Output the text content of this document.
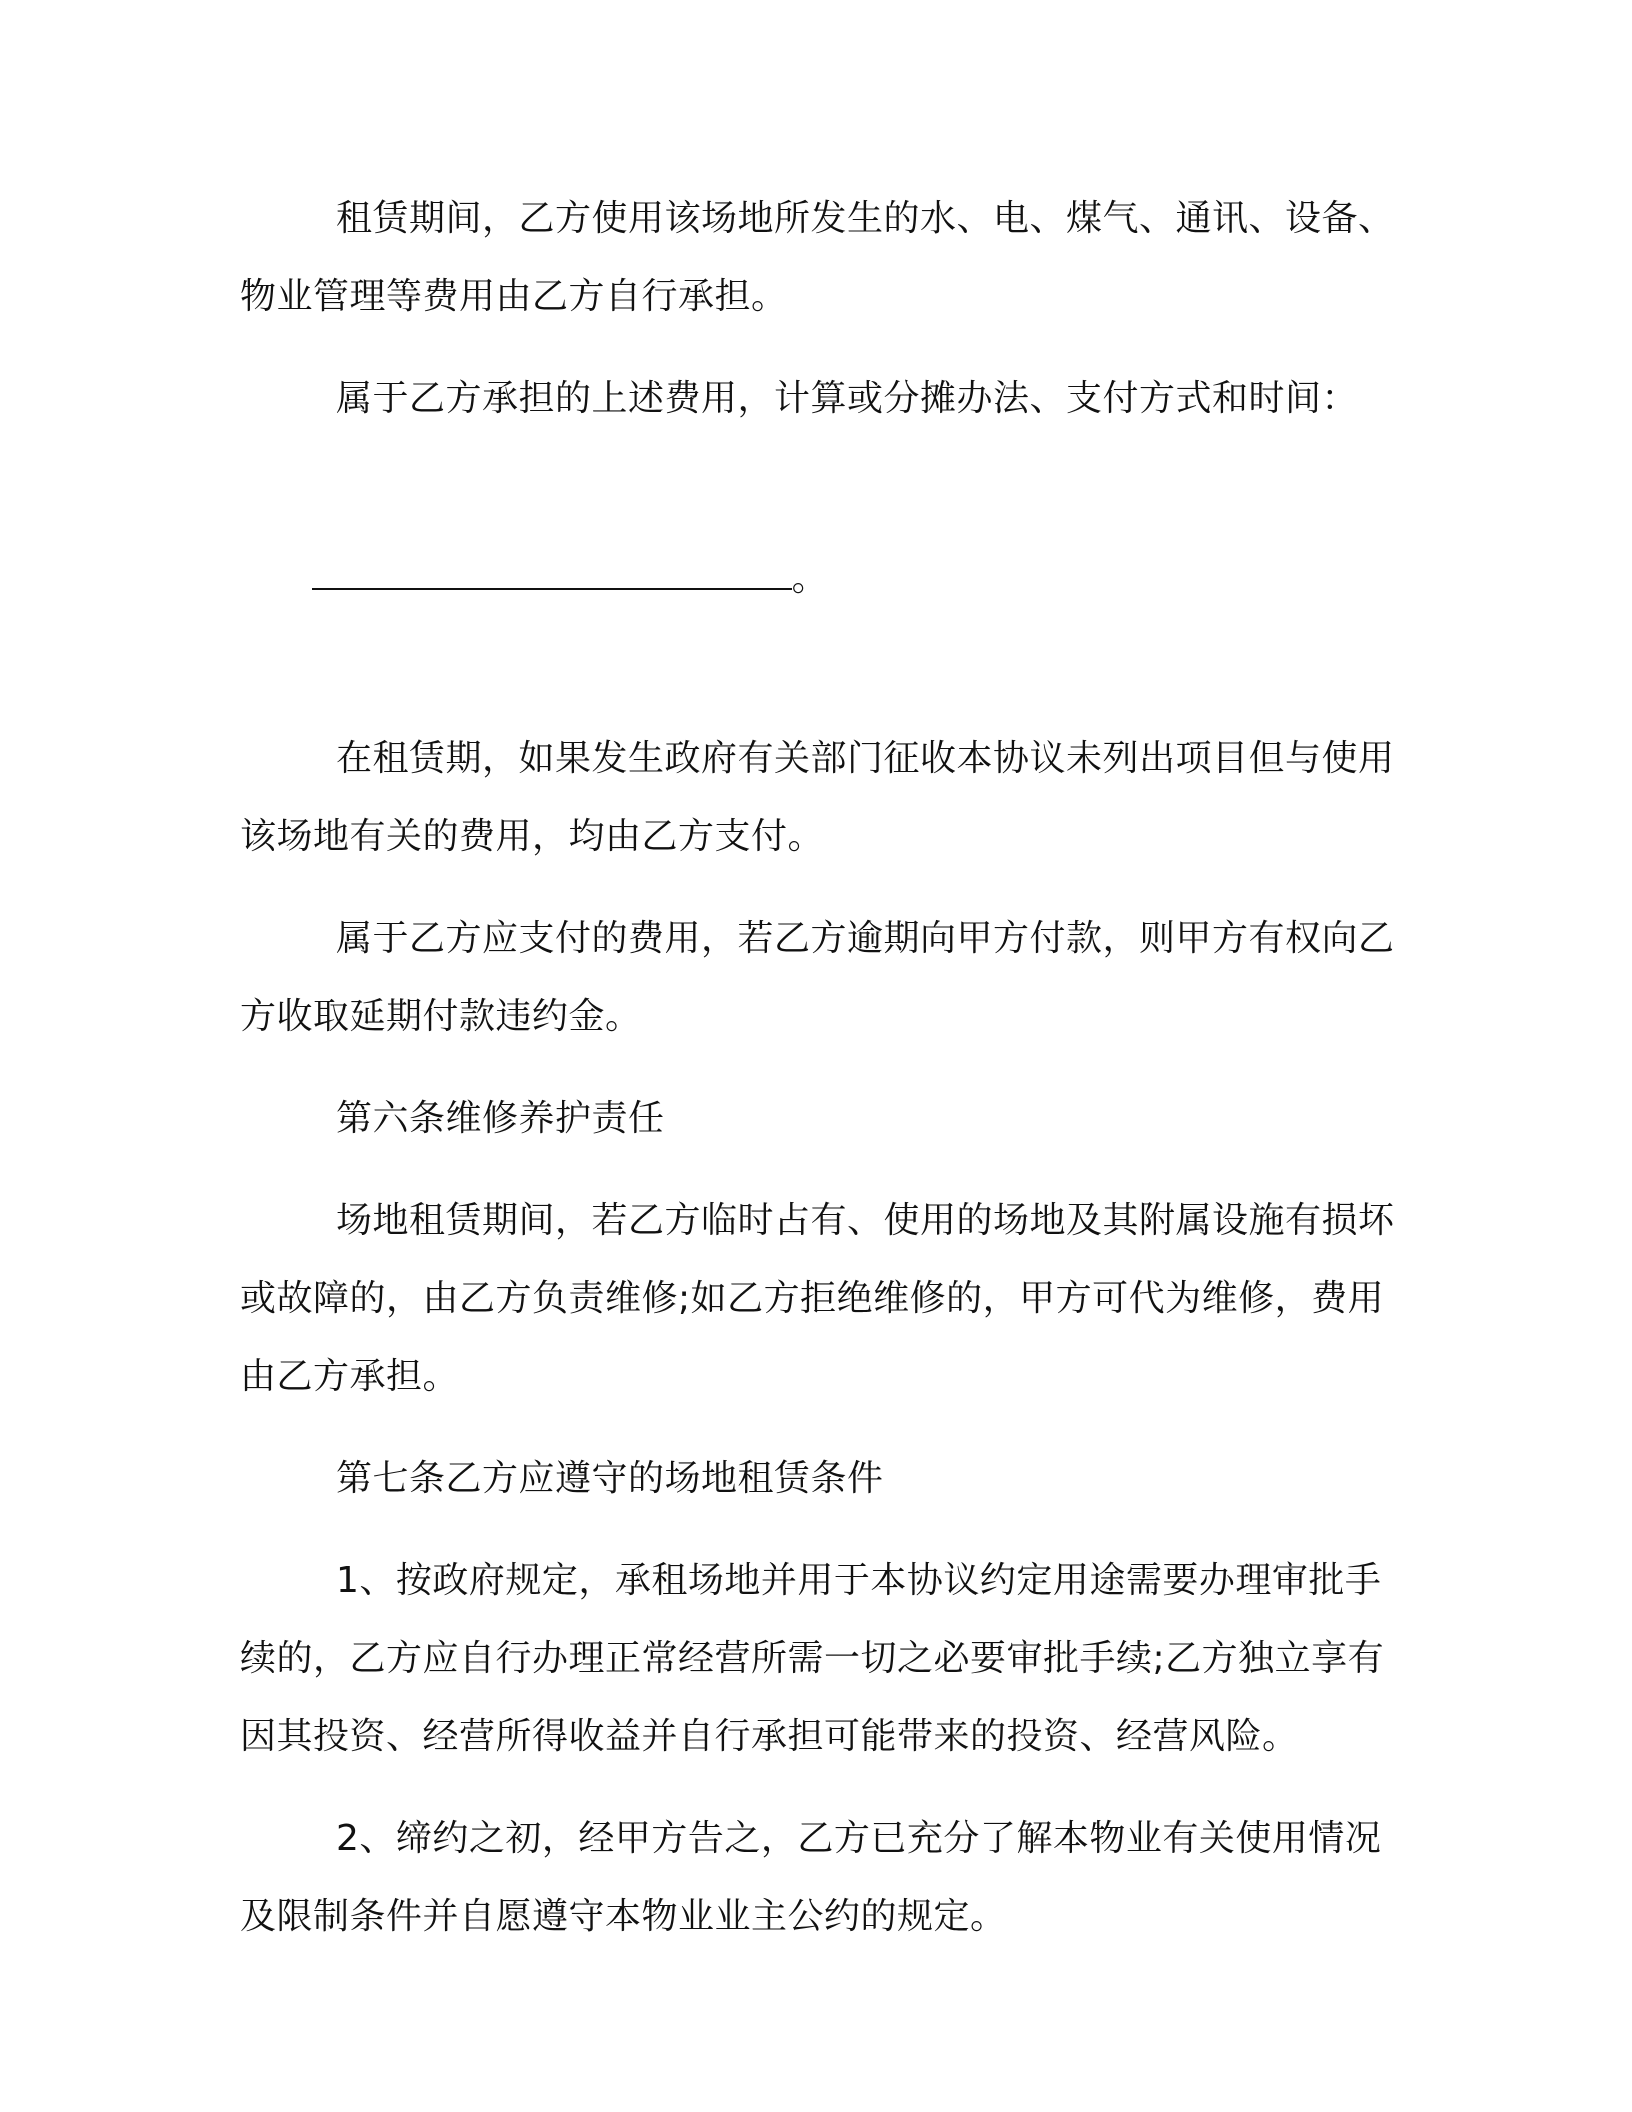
租赁期间，乙方使用该场地所发生的水、电、煤气、通讯、设备、物业管理等费用由乙方自行承担。

属于乙方承担的上述费用，计算或分摊办法、支付方式和时间：

。

在租赁期，如果发生政府有关部门征收本协议未列出项目但与使用该场地有关的费用，均由乙方支付。

属于乙方应支付的费用，若乙方逾期向甲方付款，则甲方有权向乙方收取延期付款违约金。

第六条维修养护责任

场地租赁期间，若乙方临时占有、使用的场地及其附属设施有损坏或故障的，由乙方负责维修;如乙方拒绝维修的，甲方可代为维修，费用由乙方承担。

第七条乙方应遵守的场地租赁条件

1、按政府规定，承租场地并用于本协议约定用途需要办理审批手续的，乙方应自行办理正常经营所需一切之必要审批手续;乙方独立享有因其投资、经营所得收益并自行承担可能带来的投资、经营风险。

2、缔约之初，经甲方告之，乙方已充分了解本物业有关使用情况及限制条件并自愿遵守本物业业主公约的规定。
